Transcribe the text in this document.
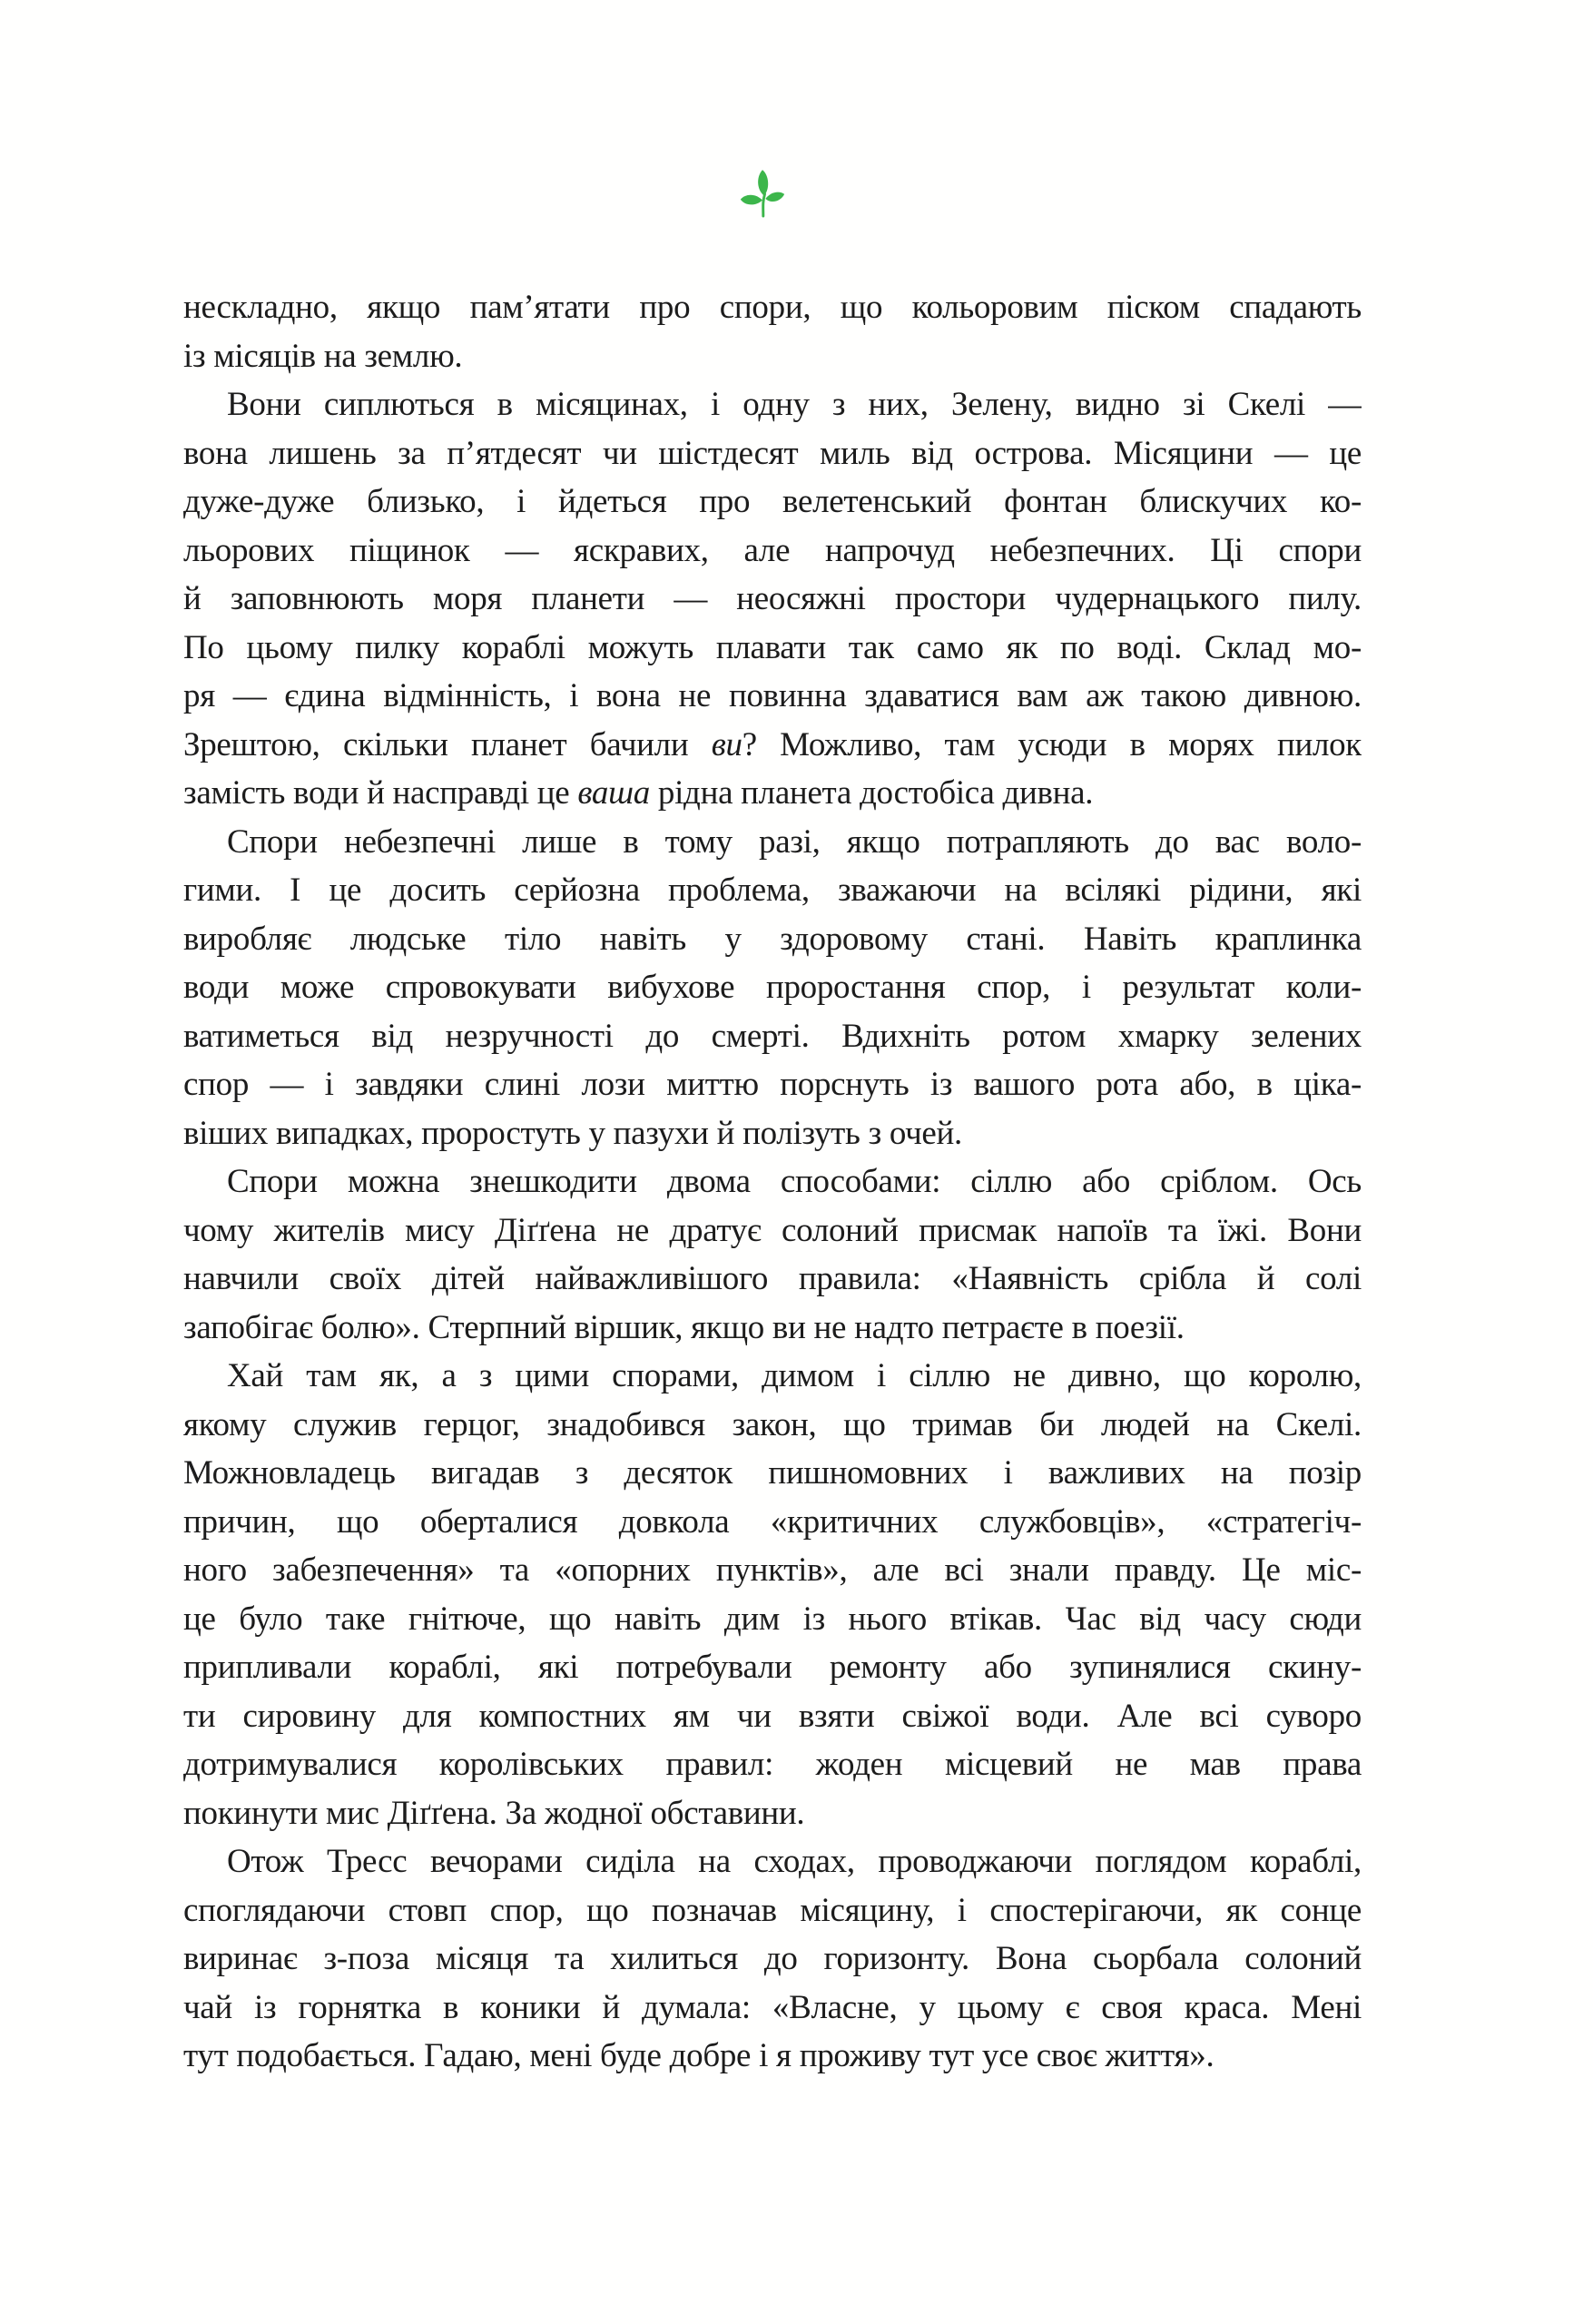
нескладно, якщо пам’ятати про спори, що кольоровим піском спадають
із місяців на землю.
Вони сиплються в місяцинах, і одну з них, Зелену, видно зі Скелі —
вона лишень за п’ятдесят чи шістдесят миль від острова. Місяцини — це
дуже-дуже близько, і йдеться про велетенський фонтан блискучих ко-
льорових піщинок — яскравих, але напрочуд небезпечних. Ці спори
й заповнюють моря планети — неосяжні простори чудернацького пилу.
По цьому пилку кораблі можуть плавати так само як по воді. Склад мо-
ря — єдина відмінність, і вона не повинна здаватися вам аж такою дивною.
Зрештою, скільки планет бачили ви? Можливо, там усюди в морях пилок
замість води й насправді це ваша рідна планета достобіса дивна.
Спори небезпечні лише в тому разі, якщо потрапляють до вас воло-
гими. І це досить серйозна проблема, зважаючи на всілякі рідини, які
виробляє людське тіло навіть у здоровому стані. Навіть краплинка
води може спровокувати вибухове проростання спор, і результат коли-
ватиметься від незручності до смерті. Вдихніть ротом хмарку зелених
спор — і завдяки слині лози миттю порснуть із вашого рота або, в ціка-
віших випадках, проростуть у пазухи й полізуть з очей.
Спори можна знешкодити двома способами: сіллю або сріблом. Ось
чому жителів мису Діґґена не дратує солоний присмак напоїв та їжі. Вони
навчили своїх дітей найважливішого правила: «Наявність срібла й солі
запобігає болю». Стерпний віршик, якщо ви не надто петраєте в поезії.
Хай там як, а з цими спорами, димом і сіллю не дивно, що королю,
якому служив герцог, знадобився закон, що тримав би людей на Скелі.
Можновладець вигадав з десяток пишномовних і важливих на позір
причин, що оберталися довкола «критичних службовців», «стратегіч-
ного забезпечення» та «опорних пунктів», але всі знали правду. Це міс-
це було таке гнітюче, що навіть дим із нього втікав. Час від часу сюди
припливали кораблі, які потребували ремонту або зупинялися скину-
ти сировину для компостних ям чи взяти свіжої води. Але всі суворо
дотримувалися королівських правил: жоден місцевий не мав права
покинути мис Діґґена. За жодної обставини.
Отож Тресс вечорами сиділа на сходах, проводжаючи поглядом кораблі,
споглядаючи стовп спор, що позначав місяцину, і спостерігаючи, як сонце
виринає з-поза місяця та хилиться до горизонту. Вона сьорбала солоний
чай із горнятка в коники й думала: «Власне, у цьому є своя краса. Мені
тут подобається. Гадаю, мені буде добре і я проживу тут усе своє життя».
